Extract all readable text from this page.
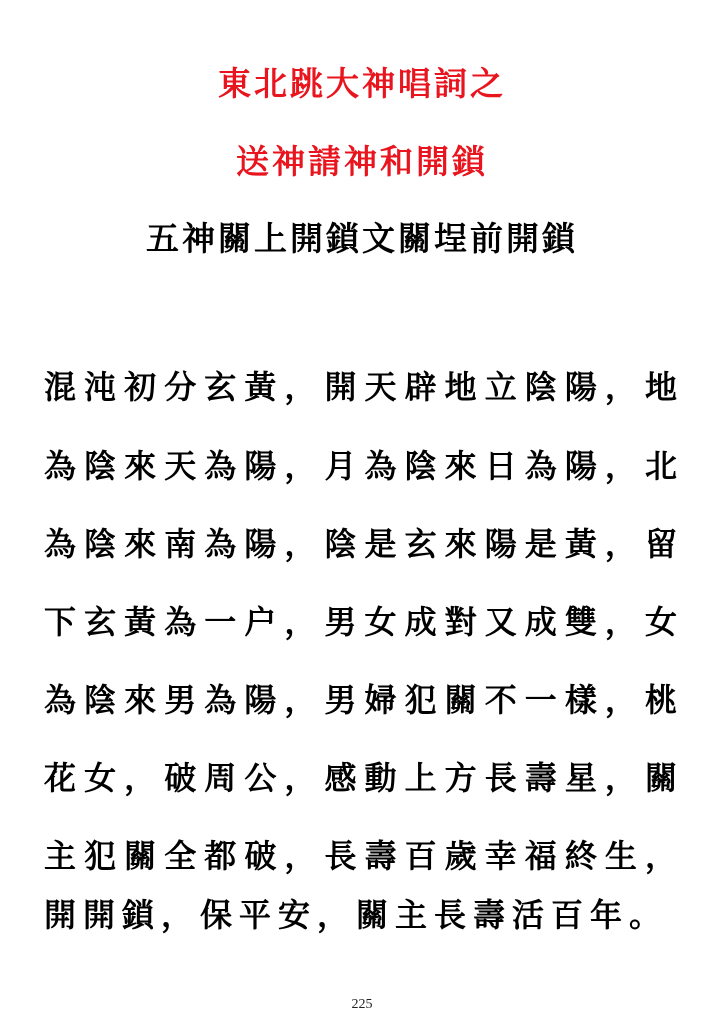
東北跳大神唱詞之
送神請神和開鎖
五神關上開鎖文關埕前開鎖
混沌初分玄黃，開天辟地立陰陽，地
為陰來天為陽，月為陰來日為陽，北
為陰來南為陽，陰是玄來陽是黃，留
下玄黃為一户，男女成對又成雙，女
為陰來男為陽，男婦犯關不一樣，桃
花女，破周公，感動上方長壽星，關
主犯關全都破，長壽百歲幸福終生，
開開鎖，保平安，關主長壽活百年。
225
